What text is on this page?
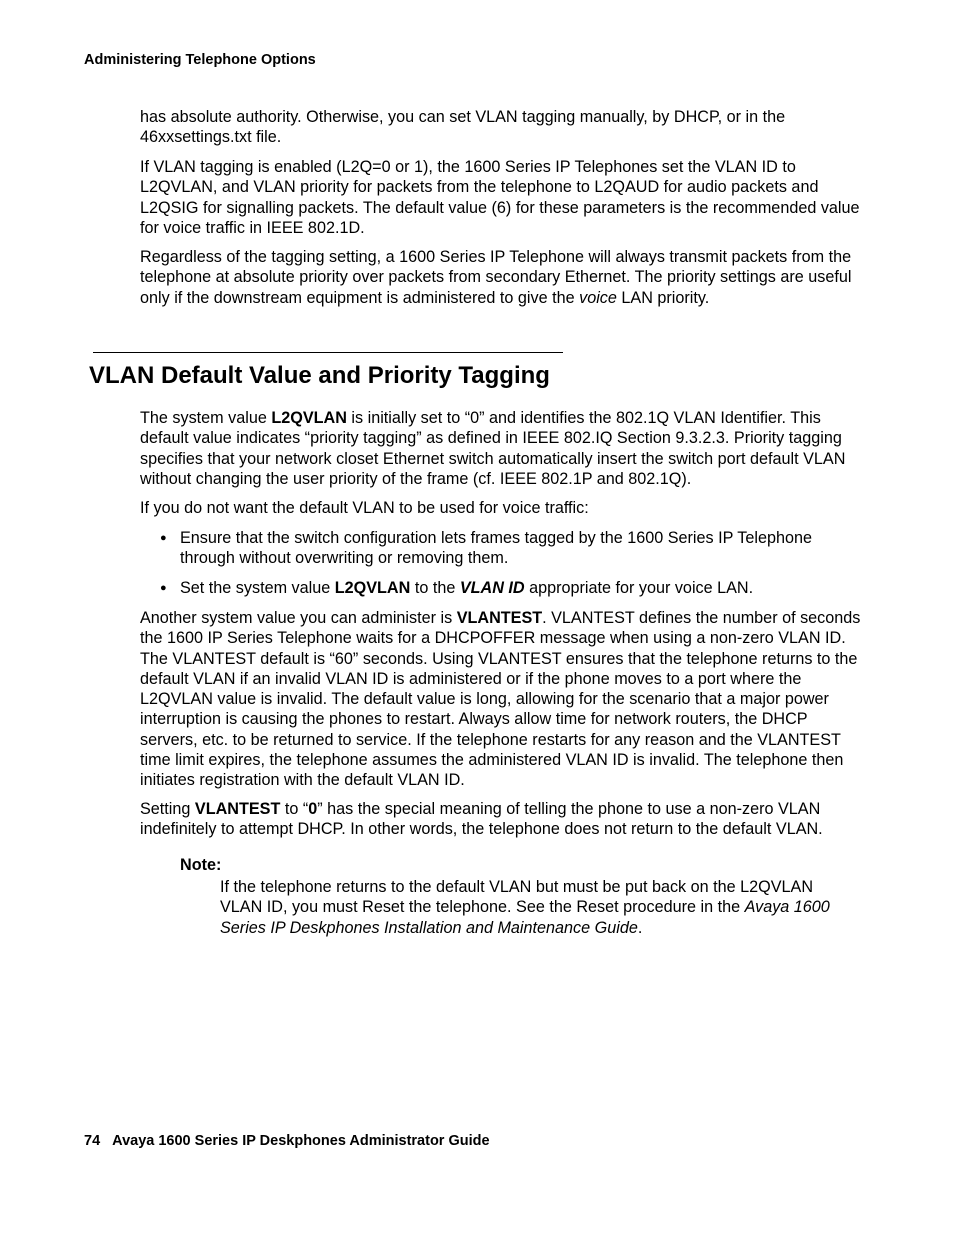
Administering Telephone Options

has absolute authority. Otherwise, you can set VLAN tagging manually, by DHCP, or in the 46xxsettings.txt file.

If VLAN tagging is enabled (L2Q=0 or 1), the 1600 Series IP Telephones set the VLAN ID to L2QVLAN, and VLAN priority for packets from the telephone to L2QAUD for audio packets and L2QSIG for signalling packets. The default value (6) for these parameters is the recommended value for voice traffic in IEEE 802.1D.

Regardless of the tagging setting, a 1600 Series IP Telephone will always transmit packets from the telephone at absolute priority over packets from secondary Ethernet. The priority settings are useful only if the downstream equipment is administered to give the voice LAN priority.

VLAN Default Value and Priority Tagging

The system value L2QVLAN is initially set to “0” and identifies the 802.1Q VLAN Identifier. This default value indicates “priority tagging” as defined in IEEE 802.IQ Section 9.3.2.3. Priority tagging specifies that your network closet Ethernet switch automatically insert the switch port default VLAN without changing the user priority of the frame (cf. IEEE 802.1P and 802.1Q).

If you do not want the default VLAN to be used for voice traffic:

● Ensure that the switch configuration lets frames tagged by the 1600 Series IP Telephone through without overwriting or removing them.

● Set the system value L2QVLAN to the VLAN ID appropriate for your voice LAN.

Another system value you can administer is VLANTEST. VLANTEST defines the number of seconds the 1600 IP Series Telephone waits for a DHCPOFFER message when using a non-zero VLAN ID. The VLANTEST default is “60” seconds. Using VLANTEST ensures that the telephone returns to the default VLAN if an invalid VLAN ID is administered or if the phone moves to a port where the L2QVLAN value is invalid. The default value is long, allowing for the scenario that a major power interruption is causing the phones to restart. Always allow time for network routers, the DHCP servers, etc. to be returned to service. If the telephone restarts for any reason and the VLANTEST time limit expires, the telephone assumes the administered VLAN ID is invalid. The telephone then initiates registration with the default VLAN ID.

Setting VLANTEST to “0” has the special meaning of telling the phone to use a non-zero VLAN indefinitely to attempt DHCP. In other words, the telephone does not return to the default VLAN.

Note:

If the telephone returns to the default VLAN but must be put back on the L2QVLAN VLAN ID, you must Reset the telephone. See the Reset procedure in the Avaya 1600 Series IP Deskphones Installation and Maintenance Guide.

74 Avaya 1600 Series IP Deskphones Administrator Guide
